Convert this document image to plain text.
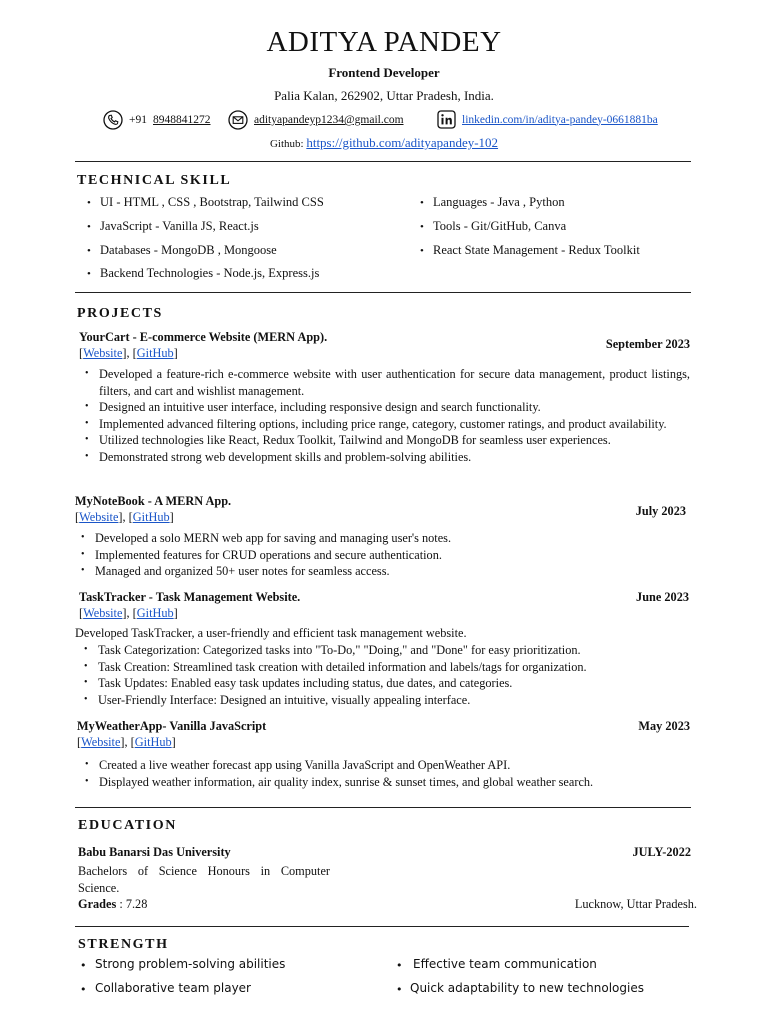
ADITYA PANDEY
Frontend Developer
Palia Kalan, 262902, Uttar Pradesh, India.
+91 8948841272	adityapandeyp1234@gmail.com	linkedin.com/in/aditya-pandey-0661881ba
Github: https://github.com/adityapandey-102
TECHNICAL SKILL
• UI - HTML , CSS , Bootstrap, Tailwind CSS
• JavaScript - Vanilla JS, React.js
• Databases - MongoDB , Mongoose
• Backend Technologies - Node.js, Express.js
• Languages - Java , Python
• Tools - Git/GitHub, Canva
• React State Management - Redux Toolkit
PROJECTS
YourCart - E-commerce Website (MERN App).	September 2023
[Website], [GitHub]
• Developed a feature-rich e-commerce website with user authentication for secure data management, product listings, filters, and cart and wishlist management.
• Designed an intuitive user interface, including responsive design and search functionality.
• Implemented advanced filtering options, including price range, category, customer ratings, and product availability.
• Utilized technologies like React, Redux Toolkit, Tailwind and MongoDB for seamless user experiences.
• Demonstrated strong web development skills and problem-solving abilities.
MyNoteBook - A MERN App.
July 2023
[Website], [GitHub]
• Developed a solo MERN web app for saving and managing user's notes.
• Implemented features for CRUD operations and secure authentication.
• Managed and organized 50+ user notes for seamless access.
TaskTracker - Task Management Website.	June 2023
[Website], [GitHub]
Developed TaskTracker, a user-friendly and efficient task management website.
• Task Categorization: Categorized tasks into "To-Do," "Doing," and "Done" for easy prioritization.
• Task Creation: Streamlined task creation with detailed information and labels/tags for organization.
• Task Updates: Enabled easy task updates including status, due dates, and categories.
• User-Friendly Interface: Designed an intuitive, visually appealing interface.
MyWeatherApp- Vanilla JavaScript	May 2023
[Website], [GitHub]
• Created a live weather forecast app using Vanilla JavaScript and OpenWeather API.
• Displayed weather information, air quality index, sunrise & sunset times, and global weather search.
EDUCATION
Babu Banarsi Das University	JULY-2022
Bachelors of Science Honours in Computer Science.
Grades : 7.28	Lucknow, Uttar Pradesh.
STRENGTH
• Strong problem-solving abilities
• Collaborative team player
• Effective team communication
• Quick adaptability to new technologies
